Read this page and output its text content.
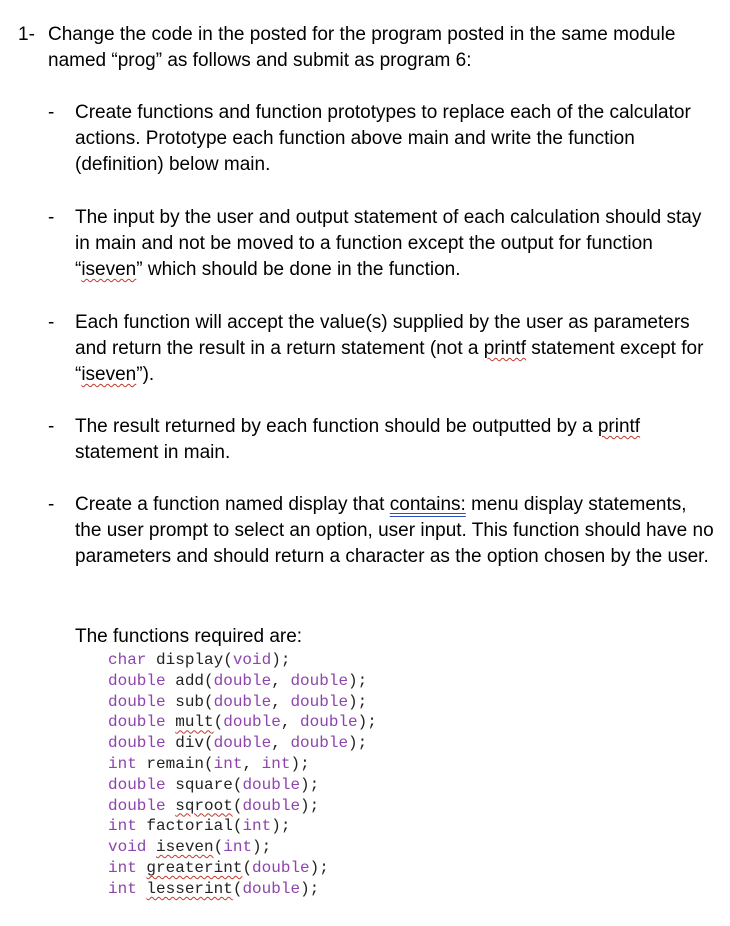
1- Change the code in the posted for the program posted in the same module named “prog” as follows and submit as program 6:
- Create functions and function prototypes to replace each of the calculator actions. Prototype each function above main and write the function (definition) below main.
- The input by the user and output statement of each calculation should stay in main and not be moved to a function except the output for function “iseven” which should be done in the function.
- Each function will accept the value(s) supplied by the user as parameters and return the result in a return statement (not a printf statement except for “iseven”).
- The result returned by each function should be outputted by a printf statement in main.
- Create a function named display that contains: menu display statements, the user prompt to select an option, user input. This function should have no parameters and should return a character as the option chosen by the user.
The functions required are:
char display(void);
double add(double, double);
double sub(double, double);
double mult(double, double);
double div(double, double);
int remain(int, int);
double square(double);
double sqroot(double);
int factorial(int);
void iseven(int);
int greaterint(double);
int lesserint(double);
